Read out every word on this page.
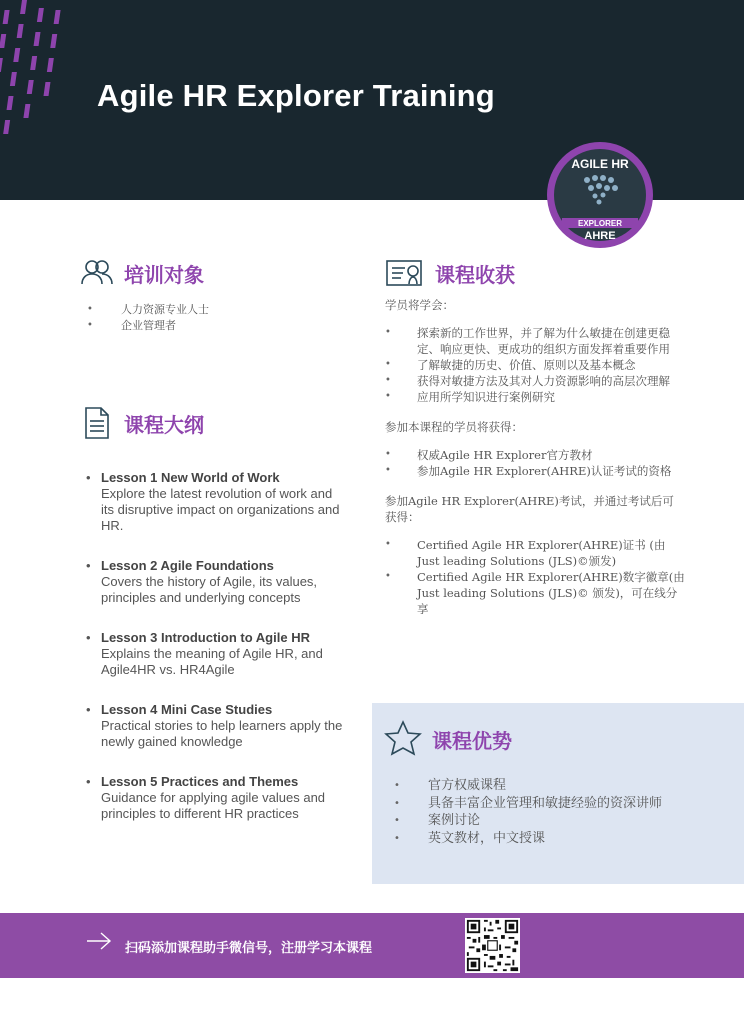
Agile HR Explorer Training
AGILE HR
EXPLORER
AHRE
培训对象
• 人力资源专业人士
• 企业管理者
课程大纲
• Lesson 1 New World of Work
Explore the latest revolution of work and its disruptive impact on organizations and HR.
• Lesson 2 Agile Foundations
Covers the history of Agile, its values, principles and underlying concepts
• Lesson 3 Introduction to Agile HR
Explains the meaning of Agile HR, and Agile4HR vs. HR4Agile
• Lesson 4 Mini Case Studies
Practical stories to help learners apply the newly gained knowledge
• Lesson 5 Practices and Themes
Guidance for applying agile values and principles to different HR practices
课程收获
学员将学会：
• 探索新的工作世界，并了解为什么敏捷在创建更稳定、响应更快、更成功的组织方面发挥着重要作用
• 了解敏捷的历史、价值、原则以及基本概念
• 获得对敏捷方法及其对人力资源影响的高层次理解
• 应用所学知识进行案例研究
参加本课程的学员将获得：
• 权威Agile HR Explorer官方教材
• 参加Agile HR Explorer(AHRE)认证考试的资格
参加Agile HR Explorer(AHRE)考试，并通过考试后可获得：
• Certified Agile HR Explorer(AHRE)证书 (由Just leading Solutions (JLS)©颁发)
• Certified Agile HR Explorer(AHRE)数字徽章(由Just leading Solutions (JLS)© 颁发)，可在线分享
课程优势
• 官方权威课程
• 具备丰富企业管理和敏捷经验的资深讲师
• 案例讨论
• 英文教材，中文授课
扫码添加课程助手微信号，注册学习本课程
